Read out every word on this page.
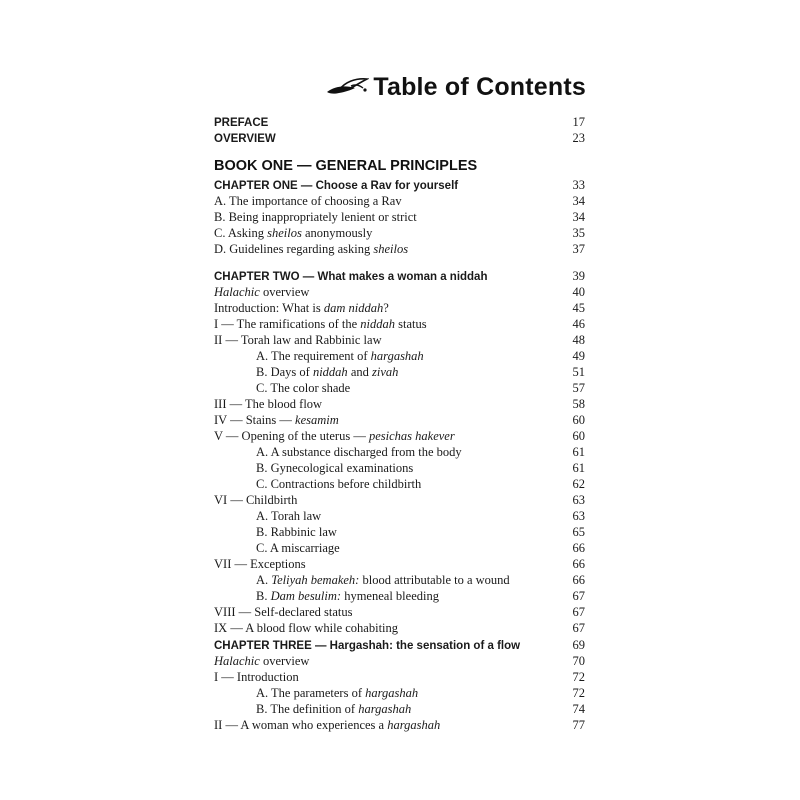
Table of Contents
BOOK ONE — GENERAL PRINCIPLES
PREFACE	17
OVERVIEW	23
CHAPTER ONE — Choose a Rav for yourself	33
A. The importance of choosing a Rav	34
B. Being inappropriately lenient or strict	34
C. Asking sheilos anonymously	35
D. Guidelines regarding asking sheilos	37
CHAPTER TWO — What makes a woman a niddah	39
Halachic overview	40
Introduction: What is dam niddah?	45
I — The ramifications of the niddah status	46
II — Torah law and Rabbinic law	48
A. The requirement of hargashah	49
B. Days of niddah and zivah	51
C. The color shade	57
III — The blood flow	58
IV — Stains — kesamim	60
V — Opening of the uterus — pesichas hakever	60
A. A substance discharged from the body	61
B. Gynecological examinations	61
C. Contractions before childbirth	62
VI — Childbirth	63
A. Torah law	63
B. Rabbinic law	65
C. A miscarriage	66
VII — Exceptions	66
A. Teliyah bemakeh: blood attributable to a wound	66
B. Dam besulim: hymeneal bleeding	67
VIII — Self-declared status	67
IX — A blood flow while cohabiting	67
CHAPTER THREE — Hargashah: the sensation of a flow	69
Halachic overview	70
I — Introduction	72
A. The parameters of hargashah	72
B. The definition of hargashah	74
II — A woman who experiences a hargashah	77
